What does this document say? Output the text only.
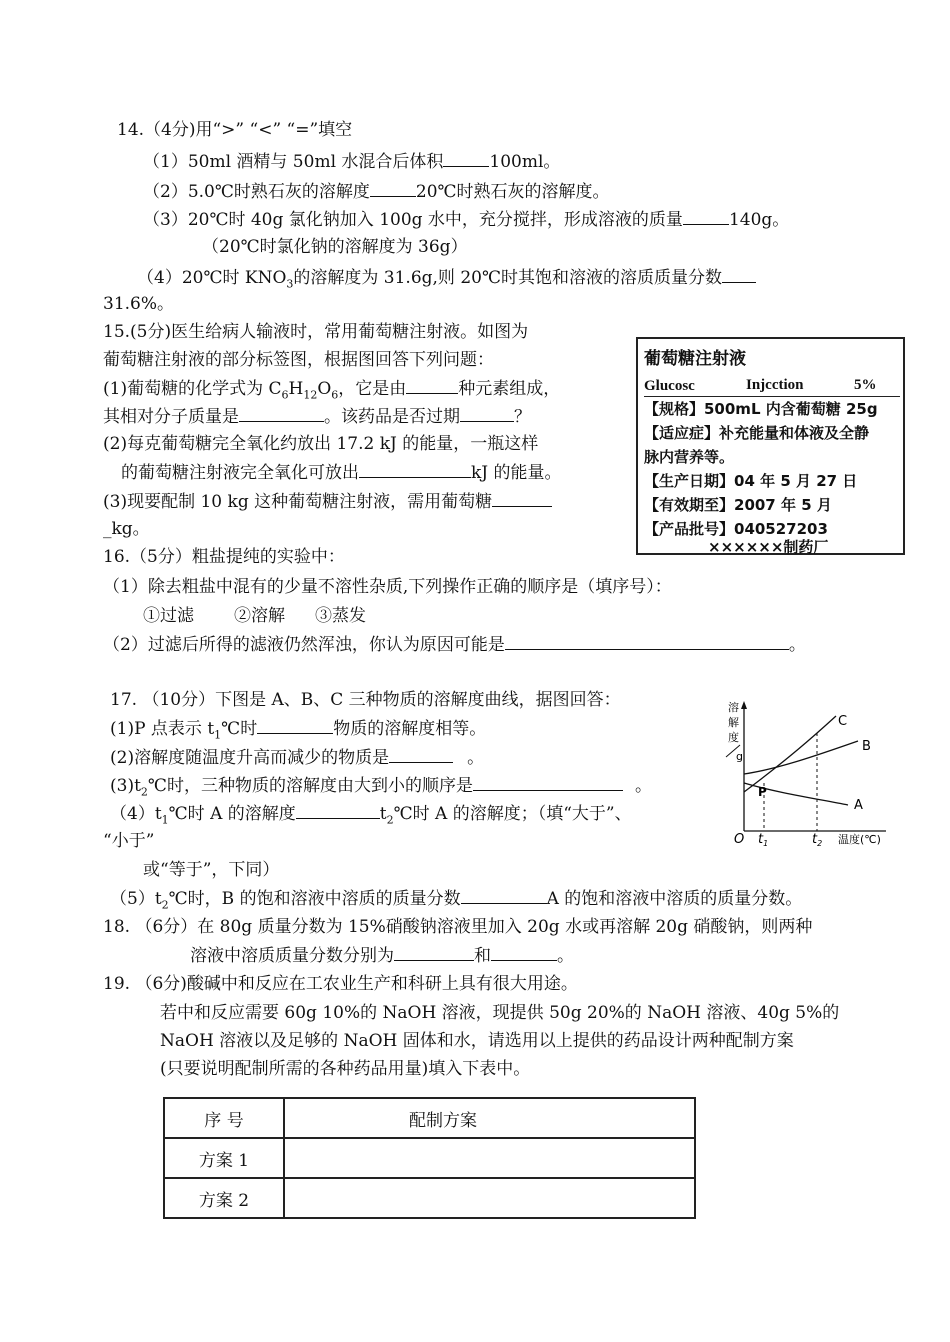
14.（4分)用“>” “<” “=”填空
（1）50ml 酒精与 50ml 水混合后体积	100ml。
（2）5.0℃时熟石灰的溶解度	20℃时熟石灰的溶解度。
（3）20℃时 40g 氯化钠加入 100g 水中，充分搅拌，形成溶液的质量	140g。
（20℃时氯化钠的溶解度为 36g）
（4）20℃时 $KNO_3$的溶解度为 31.6g,则 20℃时其饱和溶液的溶质质量分数
31.6%。
15.(5分)医生给病人输液时，常用葡萄糖注射液。如图为
葡萄糖注射液的部分标签图，根据图回答下列问题：
(1)葡萄糖的化学式为 $C_6H_{12}O_6$，它是由	种元素组成，
其相对分子质量是	。该药品是否过期	？
(2)每克葡萄糖完全氧化约放出 17.2 kJ 的能量，一瓶这样
的葡萄糖注射液完全氧化可放出	kJ 的能量。
(3)现要配制 10 kg 这种葡萄糖注射液，需用葡萄糖
_kg。
葡萄糖注射液
Glucosc	Injcction	5%
【规格】500mL 内含葡萄糖 25g
【适应症】补充能量和体液及全静
脉内营养等。
【生产日期】04 年 5 月 27 日
【有效期至】2007 年 5 月
【产品批号】040527203
××××××制药厂
16.（5分）粗盐提纯的实验中：
（1）除去粗盐中混有的少量不溶性杂质,下列操作正确的顺序是（填序号）：
①过滤 ②溶解 ③蒸发
（2）过滤后所得的滤液仍然浑浊，你认为原因可能是	。
17. （10分）下图是 A、B、C 三种物质的溶解度曲线，据图回答：
(1)P 点表示 $t_1℃$时	物质的溶解度相等。
(2)溶解度随温度升高而减少的物质是	。
$(3)t_2℃$时，三种物质的溶解度由大到小的顺序是	。
$(4)t_1℃$时 A 的溶解度	$t_2℃$时 A 的溶解度；（填“大于”、
“小于”
或“等于”，下同）
$(5)t_2℃$时，B 的饱和溶液中溶质的质量分数	A 的饱和溶液中溶质的质量分数。
溶
解
度
g
C
B
A
P
O $t_1$	$t_2$ 温度(℃)
18. （6分）在 80g 质量分数为 15%硝酸钠溶液里加入 20g 水或再溶解 20g 硝酸钠，则两种
溶液中溶质质量分数分别为	和	。
19. （6分)酸碱中和反应在工农业生产和科研上具有很大用途。
若中和反应需要 60g 10%的 NaOH 溶液，现提供 50g 20%的 NaOH 溶液、40g 5%的
NaOH 溶液以及足够的 NaOH 固体和水，请选用以上提供的药品设计两种配制方案
(只要说明配制所需的各种药品用量)填入下表中。
序 号	配制方案
方案 1	
方案 2	
